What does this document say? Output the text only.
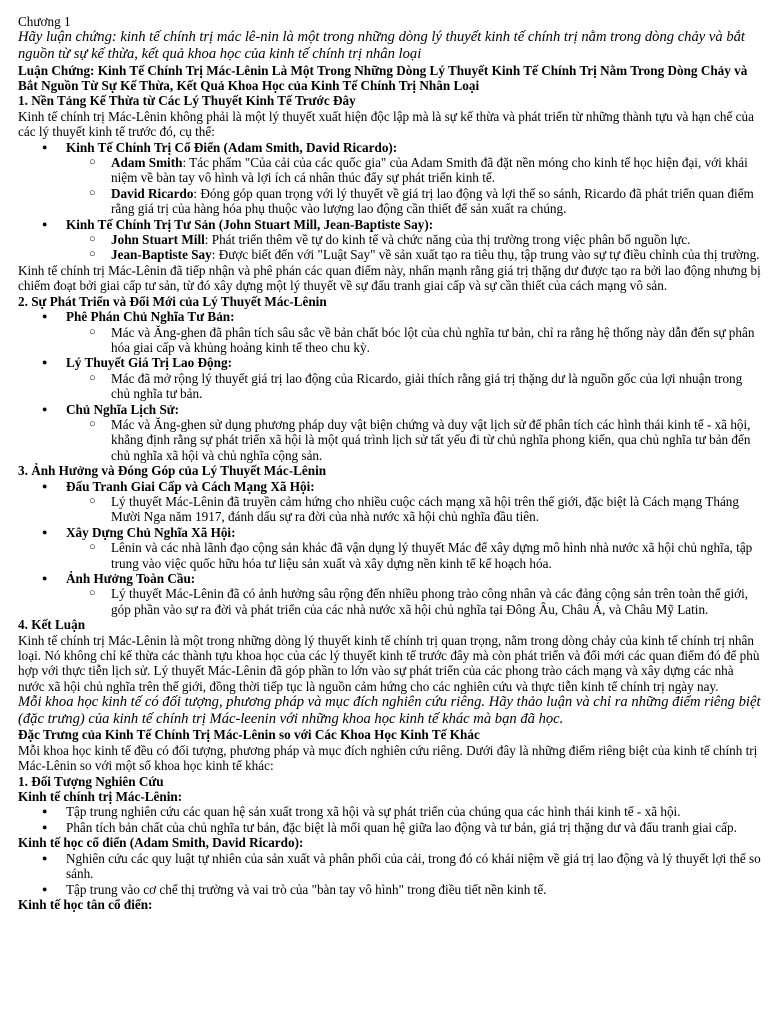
Chương 1

Hãy luận chứng: kinh tế chính trị mác lê-nin là một trong những dòng lý thuyết kinh tế chính trị nằm trong dòng chảy và bắt nguồn từ sự kế thừa, kết quả khoa học của kinh tế chính trị nhân loại

Luận Chứng: Kinh Tế Chính Trị Mác-Lênin Là Một Trong Những Dòng Lý Thuyết Kinh Tế Chính Trị Nằm Trong Dòng Chảy và Bắt Nguồn Từ Sự Kế Thừa, Kết Quả Khoa Học của Kinh Tế Chính Trị Nhân Loại

1. Nền Tảng Kế Thừa từ Các Lý Thuyết Kinh Tế Trước Đây

Kinh tế chính trị Mác-Lênin không phải là một lý thuyết xuất hiện độc lập mà là sự kế thừa và phát triển từ những thành tựu và hạn chế của các lý thuyết kinh tế trước đó, cụ thể:

● Kinh Tế Chính Trị Cổ Điển (Adam Smith, David Ricardo):
○ Adam Smith: Tác phẩm "Của cải của các quốc gia" của Adam Smith đã đặt nền móng cho kinh tế học hiện đại, với khái niệm về bàn tay vô hình và lợi ích cá nhân thúc đẩy sự phát triển kinh tế.
○ David Ricardo: Đóng góp quan trọng với lý thuyết về giá trị lao động và lợi thế so sánh, Ricardo đã phát triển quan điểm rằng giá trị của hàng hóa phụ thuộc vào lượng lao động cần thiết để sản xuất ra chúng.
● Kinh Tế Chính Trị Tư Sản (John Stuart Mill, Jean-Baptiste Say):
○ John Stuart Mill: Phát triển thêm về tự do kinh tế và chức năng của thị trường trong việc phân bổ nguồn lực.
○ Jean-Baptiste Say: Được biết đến với "Luật Say" về sản xuất tạo ra tiêu thụ, tập trung vào sự tự điều chỉnh của thị trường.

Kinh tế chính trị Mác-Lênin đã tiếp nhận và phê phán các quan điểm này, nhấn mạnh rằng giá trị thặng dư được tạo ra bởi lao động nhưng bị chiếm đoạt bởi giai cấp tư sản, từ đó xây dựng một lý thuyết về sự đấu tranh giai cấp và sự cần thiết của cách mạng vô sản.

2. Sự Phát Triển và Đổi Mới của Lý Thuyết Mác-Lênin

● Phê Phán Chủ Nghĩa Tư Bản:
○ Mác và Ăng-ghen đã phân tích sâu sắc về bản chất bóc lột của chủ nghĩa tư bản, chỉ ra rằng hệ thống này dẫn đến sự phân hóa giai cấp và khủng hoảng kinh tế theo chu kỳ.
● Lý Thuyết Giá Trị Lao Động:
○ Mác đã mở rộng lý thuyết giá trị lao động của Ricardo, giải thích rằng giá trị thặng dư là nguồn gốc của lợi nhuận trong chủ nghĩa tư bản.
● Chủ Nghĩa Lịch Sử:
○ Mác và Ăng-ghen sử dụng phương pháp duy vật biện chứng và duy vật lịch sử để phân tích các hình thái kinh tế - xã hội, khẳng định rằng sự phát triển xã hội là một quá trình lịch sử tất yếu đi từ chủ nghĩa phong kiến, qua chủ nghĩa tư bản đến chủ nghĩa xã hội và chủ nghĩa cộng sản.

3. Ảnh Hưởng và Đóng Góp của Lý Thuyết Mác-Lênin

● Đấu Tranh Giai Cấp và Cách Mạng Xã Hội:
○ Lý thuyết Mác-Lênin đã truyền cảm hứng cho nhiều cuộc cách mạng xã hội trên thế giới, đặc biệt là Cách mạng Tháng Mười Nga năm 1917, đánh dấu sự ra đời của nhà nước xã hội chủ nghĩa đầu tiên.
● Xây Dựng Chủ Nghĩa Xã Hội:
○ Lênin và các nhà lãnh đạo cộng sản khác đã vận dụng lý thuyết Mác để xây dựng mô hình nhà nước xã hội chủ nghĩa, tập trung vào việc quốc hữu hóa tư liệu sản xuất và xây dựng nền kinh tế kế hoạch hóa.
● Ảnh Hưởng Toàn Cầu:
○ Lý thuyết Mác-Lênin đã có ảnh hưởng sâu rộng đến nhiều phong trào công nhân và các đảng cộng sản trên toàn thế giới, góp phần vào sự ra đời và phát triển của các nhà nước xã hội chủ nghĩa tại Đông Âu, Châu Á, và Châu Mỹ Latin.

4. Kết Luận

Kinh tế chính trị Mác-Lênin là một trong những dòng lý thuyết kinh tế chính trị quan trọng, nằm trong dòng chảy của kinh tế chính trị nhân loại. Nó không chỉ kế thừa các thành tựu khoa học của các lý thuyết kinh tế trước đây mà còn phát triển và đổi mới các quan điểm đó để phù hợp với thực tiễn lịch sử. Lý thuyết Mác-Lênin đã góp phần to lớn vào sự phát triển của các phong trào cách mạng và xây dựng các nhà nước xã hội chủ nghĩa trên thế giới, đồng thời tiếp tục là nguồn cảm hứng cho các nghiên cứu và thực tiễn kinh tế chính trị ngày nay.

Mỗi khoa học kinh tế có đối tượng, phương pháp và mục đích nghiên cứu riêng. Hãy thảo luận và chỉ ra những điểm riêng biệt (đặc trưng) của kinh tế chính trị Mác-leenin với những khoa học kinh tế khác mà bạn đã học.

Đặc Trưng của Kinh Tế Chính Trị Mác-Lênin so với Các Khoa Học Kinh Tế Khác

Mỗi khoa học kinh tế đều có đối tượng, phương pháp và mục đích nghiên cứu riêng. Dưới đây là những điểm riêng biệt của kinh tế chính trị Mác-Lênin so với một số khoa học kinh tế khác:

1. Đối Tượng Nghiên Cứu

Kinh tế chính trị Mác-Lênin:

● Tập trung nghiên cứu các quan hệ sản xuất trong xã hội và sự phát triển của chúng qua các hình thái kinh tế - xã hội.
● Phân tích bản chất của chủ nghĩa tư bản, đặc biệt là mối quan hệ giữa lao động và tư bản, giá trị thặng dư và đấu tranh giai cấp.

Kinh tế học cổ điển (Adam Smith, David Ricardo):

● Nghiên cứu các quy luật tự nhiên của sản xuất và phân phối của cải, trong đó có khái niệm về giá trị lao động và lý thuyết lợi thế so sánh.
● Tập trung vào cơ chế thị trường và vai trò của "bàn tay vô hình" trong điều tiết nền kinh tế.

Kinh tế học tân cổ điển:
